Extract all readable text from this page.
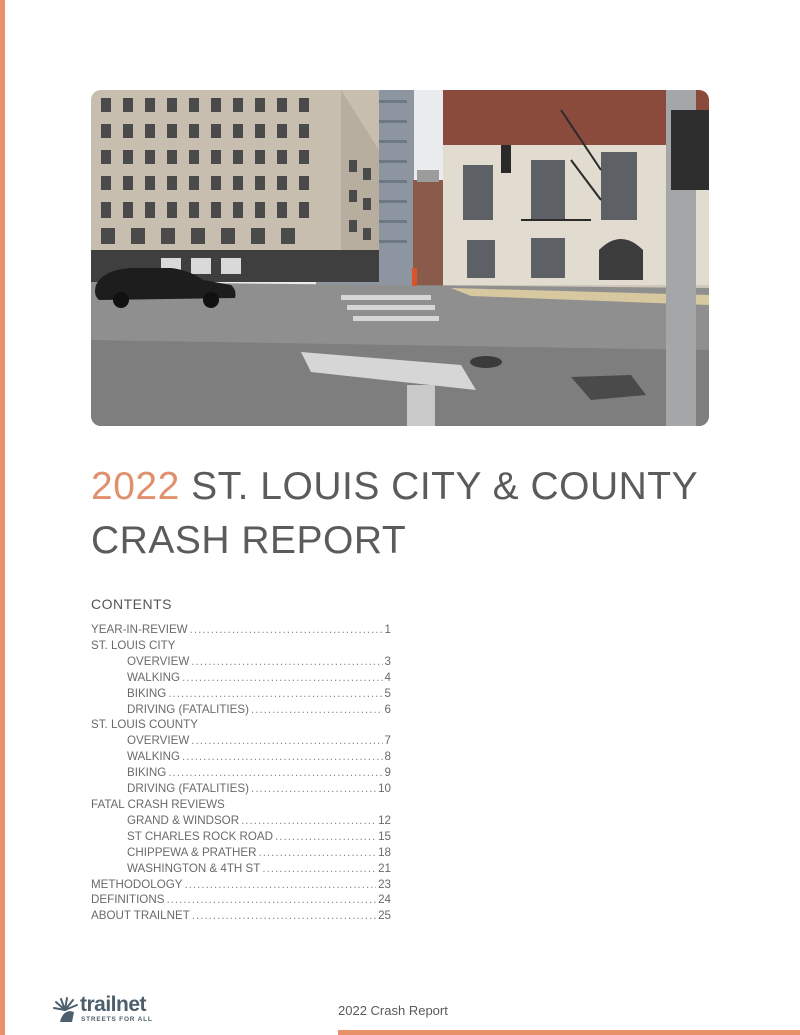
2022 ST. LOUIS CITY & COUNTY
CRASH REPORT
CONTENTS
YEAR-IN-REVIEW .....	1
ST. LOUIS CITY
OVERVIEW .....	3
WALKING .....	4
BIKING .....	5
DRIVING (FATALITIES) .....	6
ST. LOUIS COUNTY
OVERVIEW .....	7
WALKING .....	8
BIKING .....	9
DRIVING (FATALITIES) .....	10
FATAL CRASH REVIEWS
GRAND & WINDSOR .....	12
ST CHARLES ROCK ROAD .....	15
CHIPPEWA & PRATHER .....	18
WASHINGTON & 4TH ST .....	21
METHODOLOGY .....	23
DEFINITIONS .....	24
ABOUT TRAILNET .....	25
trailnet
STREETS FOR ALL
2022 Crash Report
